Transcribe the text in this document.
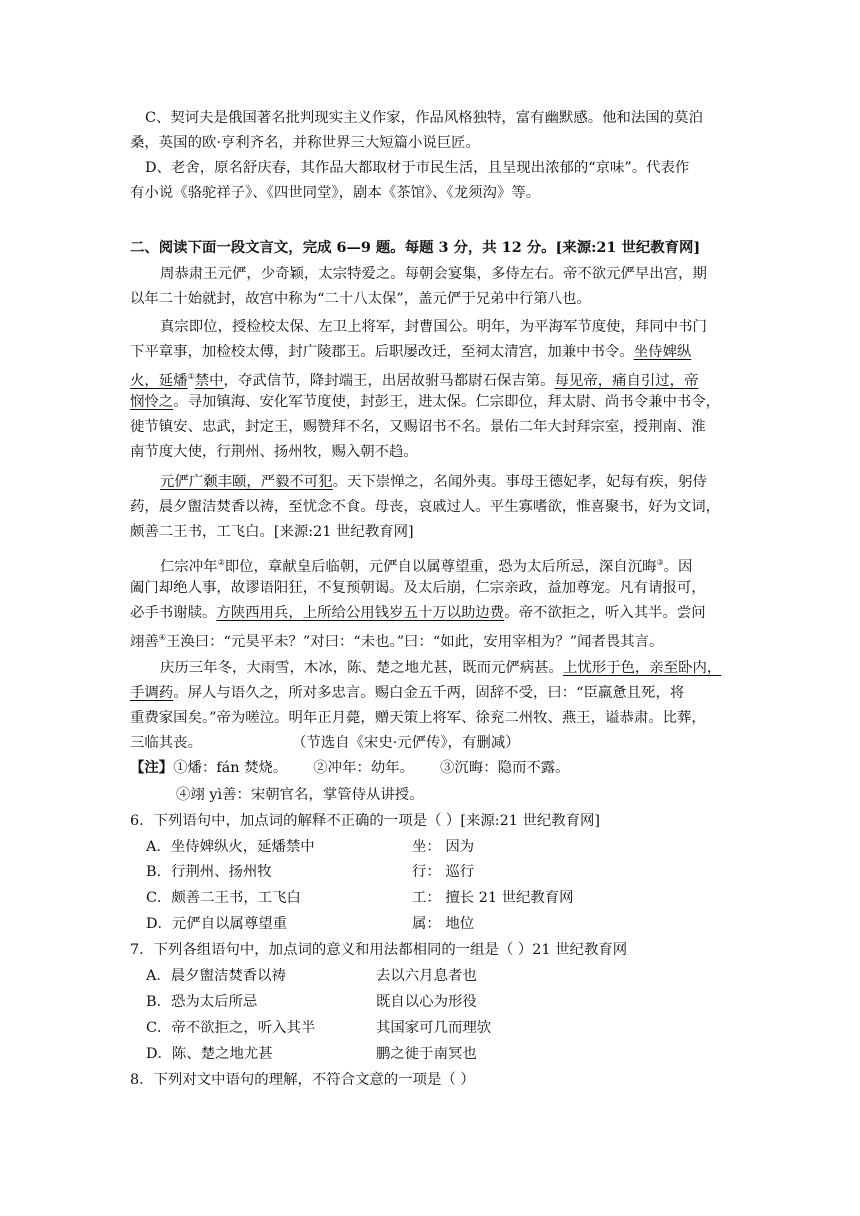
C、契诃夫是俄国著名批判现实主义作家，作品风格独特，富有幽默感。他和法国的莫泊
桑，英国的欧·亨利齐名，并称世界三大短篇小说巨匠。
D、老舍，原名舒庆春，其作品大都取材于市民生活，且呈现出浓郁的“京味”。代表作
有小说《骆驼祥子》、《四世同堂》，剧本《茶馆》、《龙须沟》等。
二、阅读下面一段文言文，完成 6—9 题。每题 3 分，共 12 分。[来源:21 世纪教育网]
周恭肃王元俨，少奇颖，太宗特爱之。每朝会宴集，多侍左右。帝不欲元俨早出宫，期
以年二十始就封，故宫中称为“二十八太保”，盖元俨于兄弟中行第八也。
真宗即位，授检校太保、左卫上将军，封曹国公。明年，为平海军节度使，拜同中书门
下平章事，加检校太傅，封广陵郡王。后职屡改迁，至祠太清宫，加兼中书令。坐侍婢纵
火，延燔①禁中，夺武信节，降封端王，出居故驸马都尉石保吉第。每见帝，痛自引过，帝
悯怜之。寻加镇海、安化军节度使，封彭王，进太保。仁宗即位，拜太尉、尚书令兼中书令，
徙节镇安、忠武，封定王，赐赞拜不名，又赐诏书不名。景佑二年大封拜宗室，授荆南、淮
南节度大使，行荆州、扬州牧，赐入朝不趋。
元俨广颡丰颐，严毅不可犯。天下崇惮之，名闻外夷。事母王德妃孝，妃每有疾，躬侍
药，晨夕盥洁焚香以祷，至忧念不食。母丧，哀戚过人。平生寡嗜欲，惟喜聚书，好为文词，
颇善二王书，工飞白。[来源:21 世纪教育网]
仁宗冲年②即位，章献皇后临朝，元俨自以属尊望重，恐为太后所忌，深自沉晦③。因
阖门却绝人事，故谬语阳狂，不复预朝谒。及太后崩，仁宗亲政，益加尊宠。凡有请报可，
必手书谢牍。方陕西用兵，上所给公用钱岁五十万以助边费。帝不欲拒之，听入其半。尝问
翊善④王涣曰：“元昊平未？”对曰：“未也。”曰：“如此，安用宰相为？”闻者畏其言。
庆历三年冬，大雨雪，木冰，陈、楚之地尤甚，既而元俨病甚。上忧形于色，亲至卧内，
手调药。屏人与语久之，所对多忠言。赐白金五千两，固辞不受，曰：“臣羸惫且死，将
重费家国矣。”帝为嗟泣。明年正月薨，赠天策上将军、徐兖二州牧、燕王，谥恭肃。比葬，
三临其丧。	（节选自《宋史·元俨传》，有删减）
【注】①燔：fán 焚烧。 ②冲年：幼年。 ③沉晦：隐而不露。
④翊 yì善：宋朝官名，掌管侍从讲授。
6．下列语句中，加点词的解释不正确的一项是（ ）[来源:21 世纪教育网]
A．坐侍婢纵火，延燔禁中	坐： 因为
B．行荆州、扬州牧	行： 巡行
C．颇善二王书，工飞白	工： 擅长 21 世纪教育网
D．元俨自以属尊望重	属： 地位
7．下列各组语句中，加点词的意义和用法都相同的一组是（ ）21 世纪教育网
A．晨夕盥洁焚香以祷	去以六月息者也
B．恐为太后所忌	既自以心为形役
C．帝不欲拒之，听入其半	其国家可几而理欤
D．陈、楚之地尤甚	鹏之徙于南冥也
8．下列对文中语句的理解，不符合文意的一项是（ ）
